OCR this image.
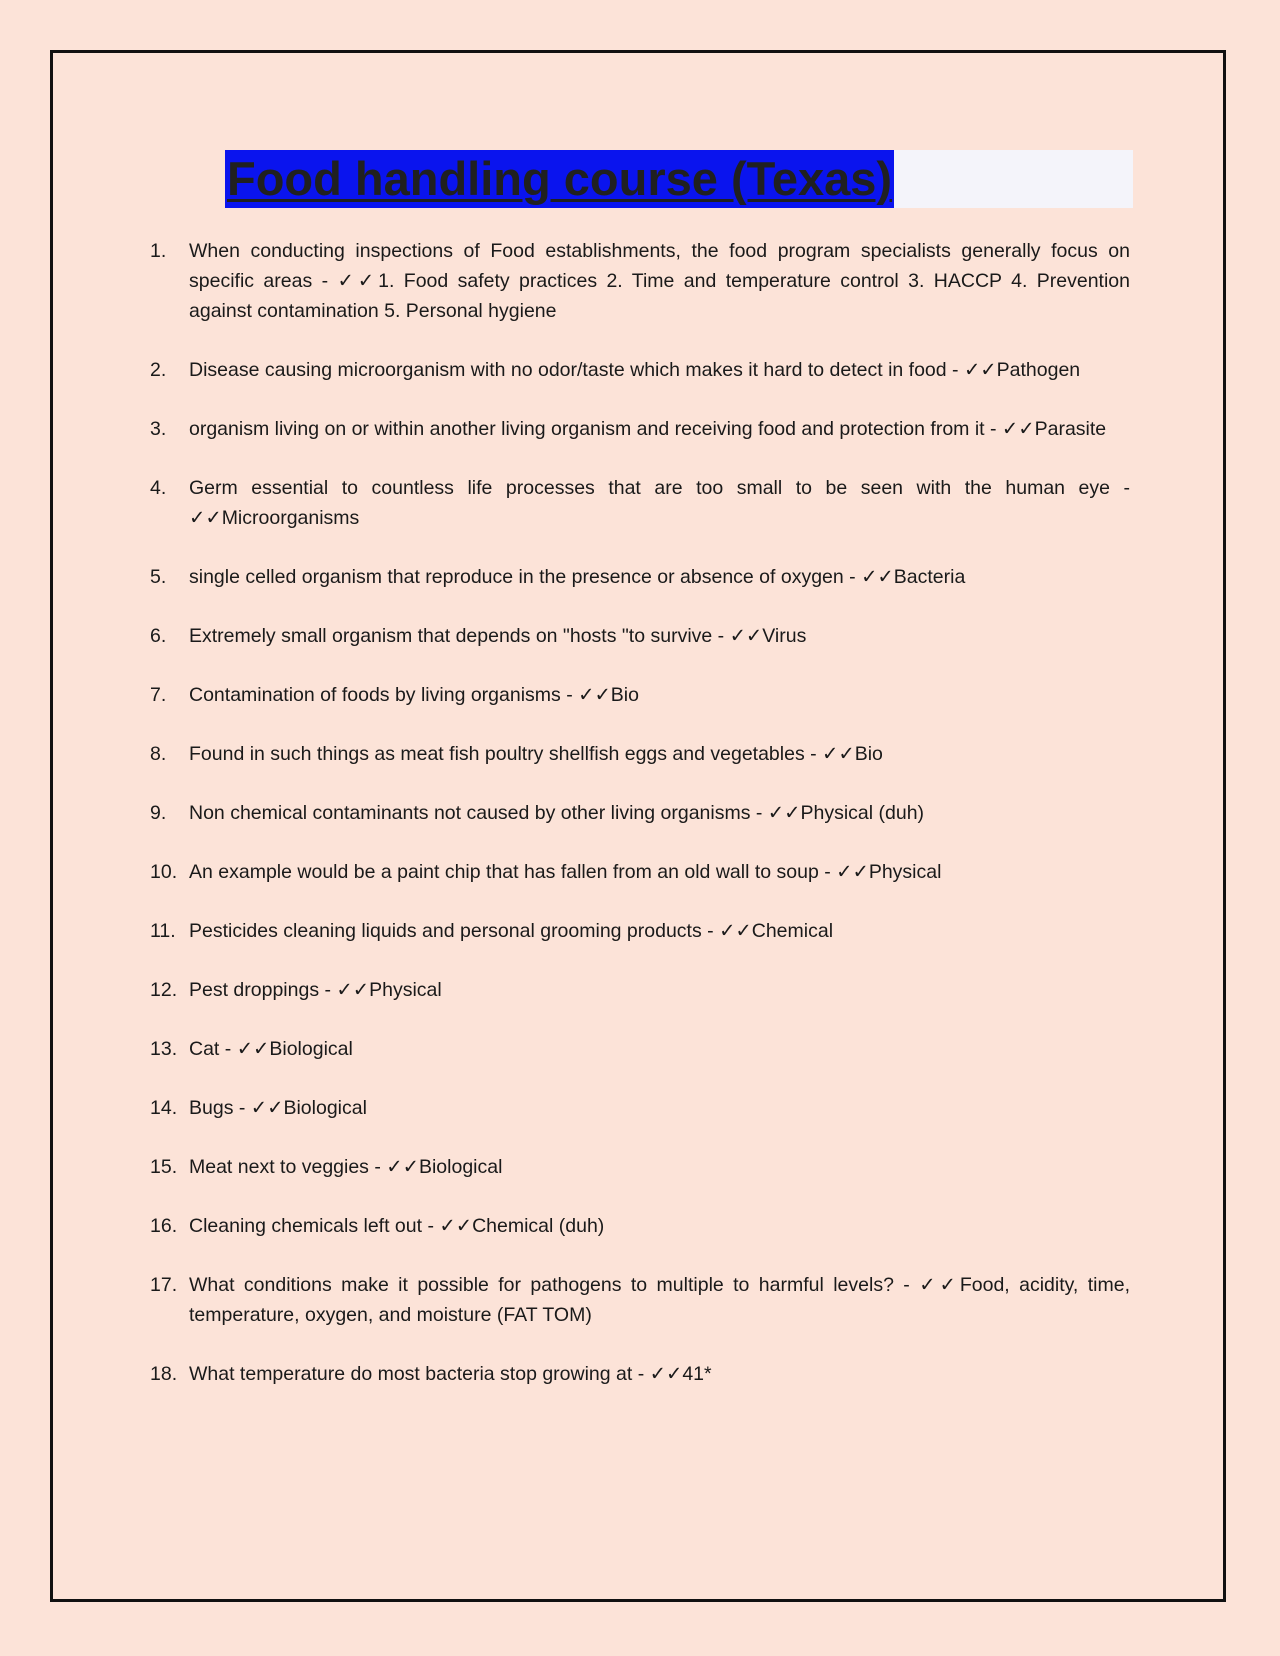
Food handling course (Texas)
1. When conducting inspections of Food establishments, the food program specialists generally focus on specific areas - ✓✓1. Food safety practices 2. Time and temperature control 3. HACCP 4. Prevention against contamination 5. Personal hygiene
2. Disease causing microorganism with no odor/taste which makes it hard to detect in food - ✓✓Pathogen
3. organism living on or within another living organism and receiving food and protection from it - ✓✓Parasite
4. Germ essential to countless life processes that are too small to be seen with the human eye - ✓✓Microorganisms
5. single celled organism that reproduce in the presence or absence of oxygen - ✓✓Bacteria
6. Extremely small organism that depends on "hosts "to survive - ✓✓Virus
7. Contamination of foods by living organisms - ✓✓Bio
8. Found in such things as meat fish poultry shellfish eggs and vegetables - ✓✓Bio
9. Non chemical contaminants not caused by other living organisms - ✓✓Physical (duh)
10. An example would be a paint chip that has fallen from an old wall to soup - ✓✓Physical
11. Pesticides cleaning liquids and personal grooming products - ✓✓Chemical
12. Pest droppings - ✓✓Physical
13. Cat - ✓✓Biological
14. Bugs - ✓✓Biological
15. Meat next to veggies - ✓✓Biological
16. Cleaning chemicals left out - ✓✓Chemical (duh)
17. What conditions make it possible for pathogens to multiple to harmful levels? - ✓✓Food, acidity, time, temperature, oxygen, and moisture (FAT TOM)
18. What temperature do most bacteria stop growing at - ✓✓41*
